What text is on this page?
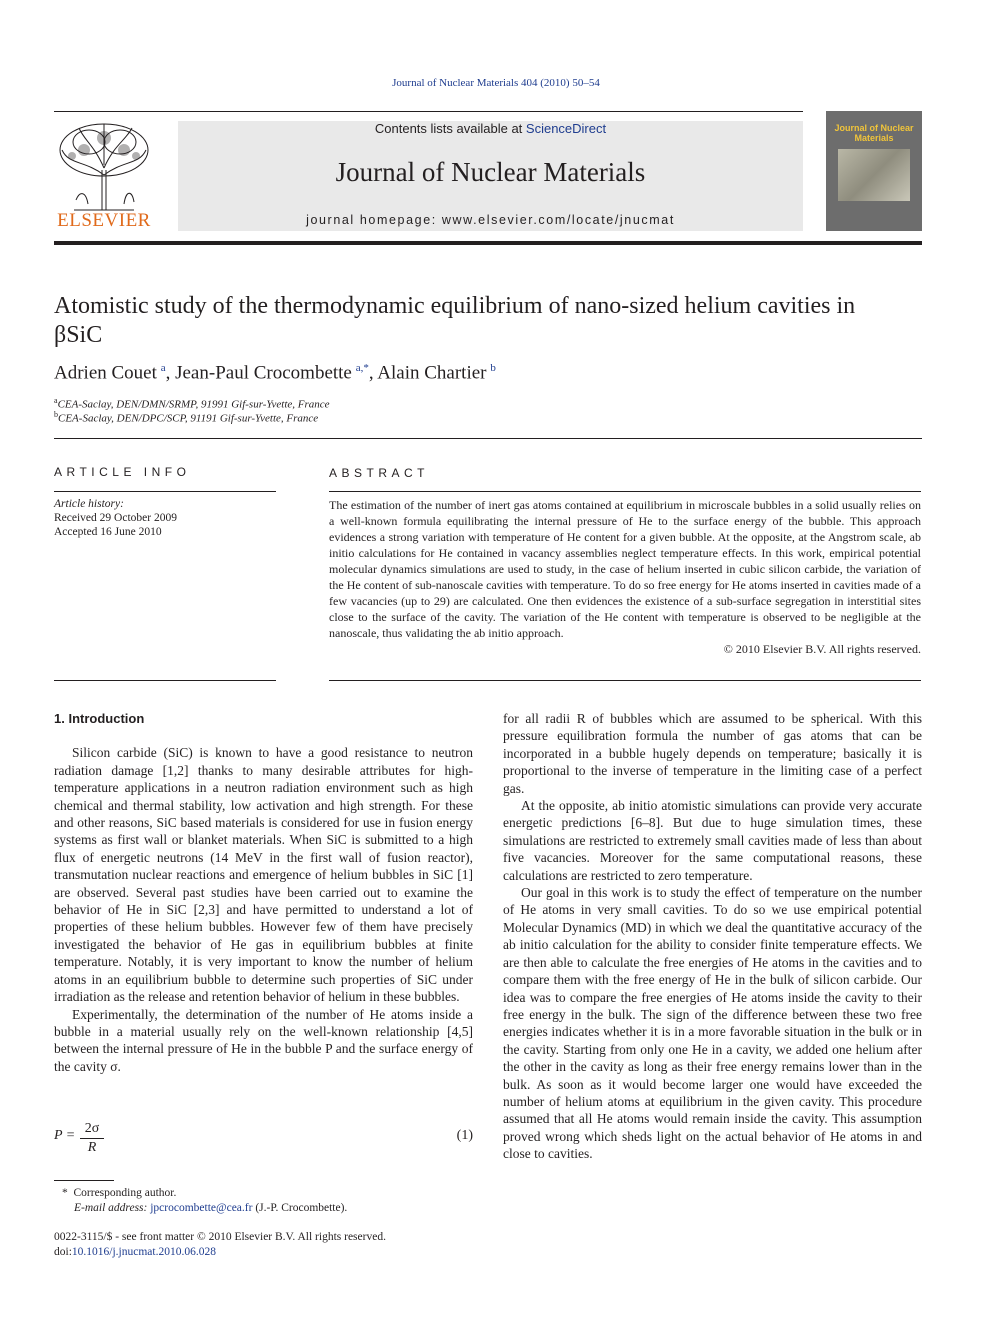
Journal of Nuclear Materials 404 (2010) 50–54
ELSEVIER
Contents lists available at ScienceDirect
Journal of Nuclear Materials
journal homepage: www.elsevier.com/locate/jnucmat
Journal of Nuclear Materials
Atomistic study of the thermodynamic equilibrium of nano-sized helium cavities in βSiC
Adrien Couet  $^a$, Jean-Paul Crocombette  $^{a,*}$, Alain Chartier  $^b$
$^a$CEA-Saclay, DEN/DMN/SRMP, 91991 Gif-sur-Yvette, France
$^b$CEA-Saclay, DEN/DPC/SCP, 91191 Gif-sur-Yvette, France
ARTICLE INFO
Article history:
Received 29 October 2009
Accepted 16 June 2010
ABSTRACT
The estimation of the number of inert gas atoms contained at equilibrium in microscale bubbles in a solid usually relies on a well-known formula equilibrating the internal pressure of He to the surface energy of the bubble. This approach evidences a strong variation with temperature of He content for a given bubble. At the opposite, at the Angstrom scale, ab initio calculations for He contained in vacancy assemblies neglect temperature effects. In this work, empirical potential molecular dynamics simulations are used to study, in the case of helium inserted in cubic silicon carbide, the variation of the He content of sub-nanoscale cavities with temperature. To do so free energy for He atoms inserted in cavities made of a few vacancies (up to 29) are calculated. One then evidences the existence of a sub-surface segregation in interstitial sites close to the surface of the cavity. The variation of the He content with temperature is observed to be negligible at the nanoscale, thus validating the ab initio approach.
© 2010 Elsevier B.V. All rights reserved.
1. Introduction

Silicon carbide (SiC) is known to have a good resistance to neutron radiation damage [1,2] thanks to many desirable attributes for high-temperature applications in a neutron radiation environment such as high chemical and thermal stability, low activation and high strength. For these and other reasons, SiC based materials is considered for use in fusion energy systems as first wall or blanket materials. When SiC is submitted to a high flux of energetic neutrons (14 MeV in the first wall of fusion reactor), transmutation nuclear reactions and emergence of helium bubbles in SiC [1] are observed. Several past studies have been carried out to examine the behavior of He in SiC [2,3] and have permitted to understand a lot of properties of these helium bubbles. However few of them have precisely investigated the behavior of He gas in equilibrium bubbles at finite temperature. Notably, it is very important to know the number of helium atoms in an equilibrium bubble to determine such properties of SiC under irradiation as the release and retention behavior of helium in these bubbles.

Experimentally, the determination of the number of He atoms inside a bubble in a material usually rely on the well-known relationship [4,5] between the internal pressure of He in the bubble P and the surface energy of the cavity σ.

$P = \frac{2\sigma}{R}$	(1)

for all radii R of bubbles which are assumed to be spherical. With this pressure equilibration formula the number of gas atoms that can be incorporated in a bubble hugely depends on temperature; basically it is proportional to the inverse of temperature in the limiting case of a perfect gas.

At the opposite, ab initio atomistic simulations can provide very accurate energetic predictions [6–8]. But due to huge simulation times, these simulations are restricted to extremely small cavities made of less than about five vacancies. Moreover for the same computational reasons, these calculations are restricted to zero temperature.

Our goal in this work is to study the effect of temperature on the number of He atoms in very small cavities. To do so we use empirical potential Molecular Dynamics (MD) in which we deal the quantitative accuracy of the ab initio calculation for the ability to consider finite temperature effects. We are then able to calculate the free energies of He atoms in the cavities and to compare them with the free energy of He in the bulk of silicon carbide. Our idea was to compare the free energies of He atoms inside the cavity to their free energy in the bulk. The sign of the difference between these two free energies indicates whether it is in a more favorable situation in the bulk or in the cavity. Starting from only one He in a cavity, we added one helium after the other in the cavity as long as their free energy remains lower than in the bulk. As soon as it would become larger one would have exceeded the number of helium atoms at equilibrium in the given cavity. This procedure assumed that all He atoms would remain inside the cavity. This assumption proved wrong which sheds light on the actual behavior of He atoms in and close to cavities.

*  Corresponding author.
E-mail address: jpcrocombette@cea.fr (J.-P. Crocombette).
0022-3115/$ - see front matter © 2010 Elsevier B.V. All rights reserved.
doi:10.1016/j.jnucmat.2010.06.028
